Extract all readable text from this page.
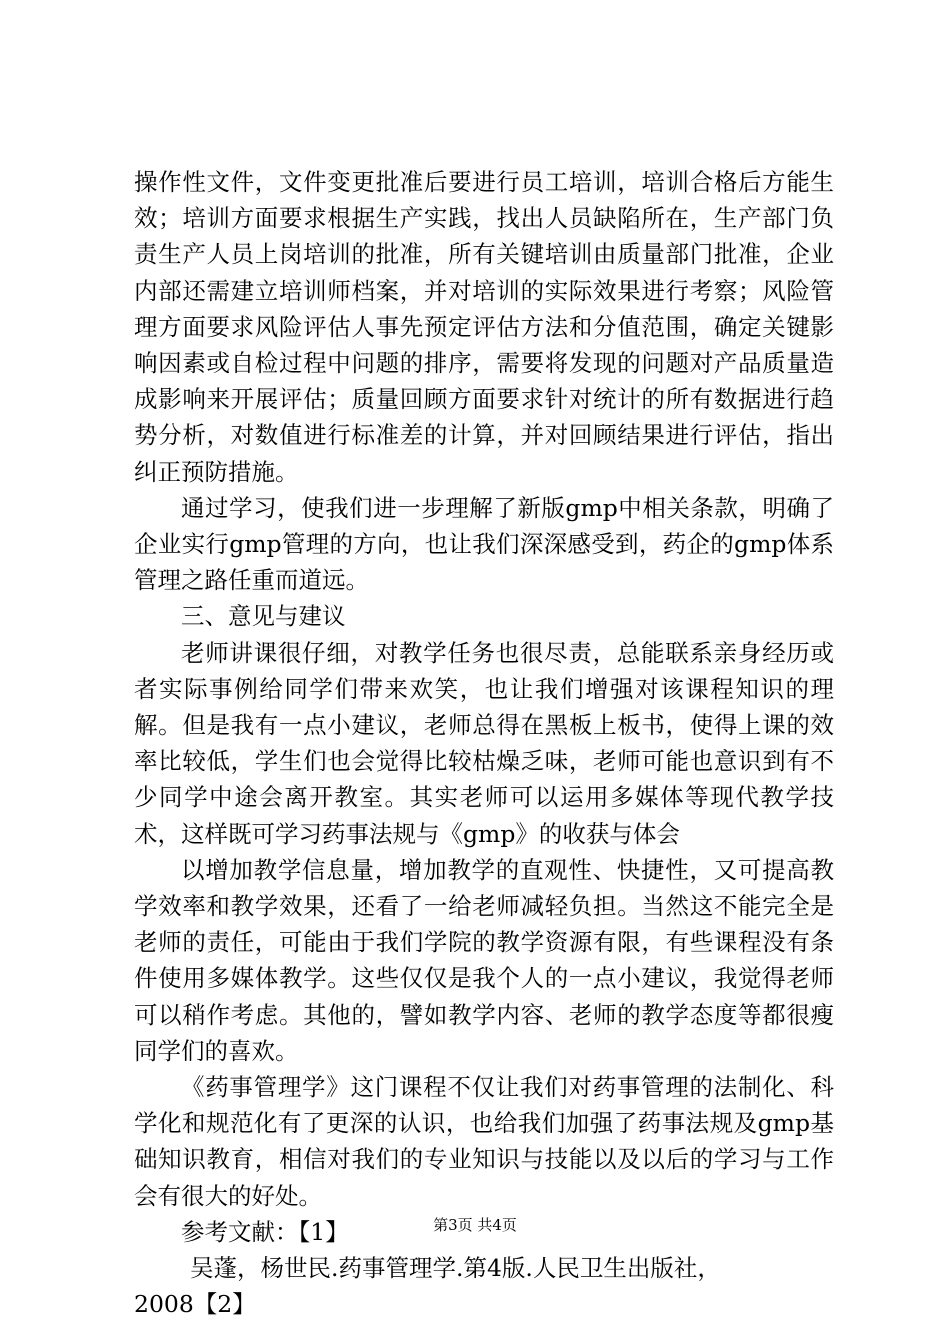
操作性文件，文件变更批准后要进行员工培训，培训合格后方能生效；培训方面要求根据生产实践，找出人员缺陷所在，生产部门负责生产人员上岗培训的批准，所有关键培训由质量部门批准，企业内部还需建立培训师档案，并对培训的实际效果进行考察；风险管理方面要求风险评估人事先预定评估方法和分值范围，确定关键影响因素或自检过程中问题的排序，需要将发现的问题对产品质量造成影响来开展评估；质量回顾方面要求针对统计的所有数据进行趋势分析，对数值进行标准差的计算，并对回顾结果进行评估，指出纠正预防措施。

通过学习，使我们进一步理解了新版gmp中相关条款，明确了企业实行gmp管理的方向，也让我们深深感受到，药企的gmp体系管理之路任重而道远。

三、意见与建议

老师讲课很仔细，对教学任务也很尽责，总能联系亲身经历或者实际事例给同学们带来欢笑，也让我们增强对该课程知识的理解。但是我有一点小建议，老师总得在黑板上板书，使得上课的效率比较低，学生们也会觉得比较枯燥乏味，老师可能也意识到有不少同学中途会离开教室。其实老师可以运用多媒体等现代教学技术，这样既可学习药事法规与《gmp》的收获与体会

以增加教学信息量，增加教学的直观性、快捷性，又可提高教学效率和教学效果，还看了一给老师减轻负担。当然这不能完全是老师的责任，可能由于我们学院的教学资源有限，有些课程没有条件使用多媒体教学。这些仅仅是我个人的一点小建议，我觉得老师可以稍作考虑。其他的，譬如教学内容、老师的教学态度等都很瘦同学们的喜欢。

《药事管理学》这门课程不仅让我们对药事管理的法制化、科学化和规范化有了更深的认识，也给我们加强了药事法规及gmp基础知识教育，相信对我们的专业知识与技能以及以后的学习与工作会有很大的好处。

参考文献：【1】

吴蓬，杨世民.药事管理学.第4版.人民卫生出版社，

2008【2】

第3页 共4页
